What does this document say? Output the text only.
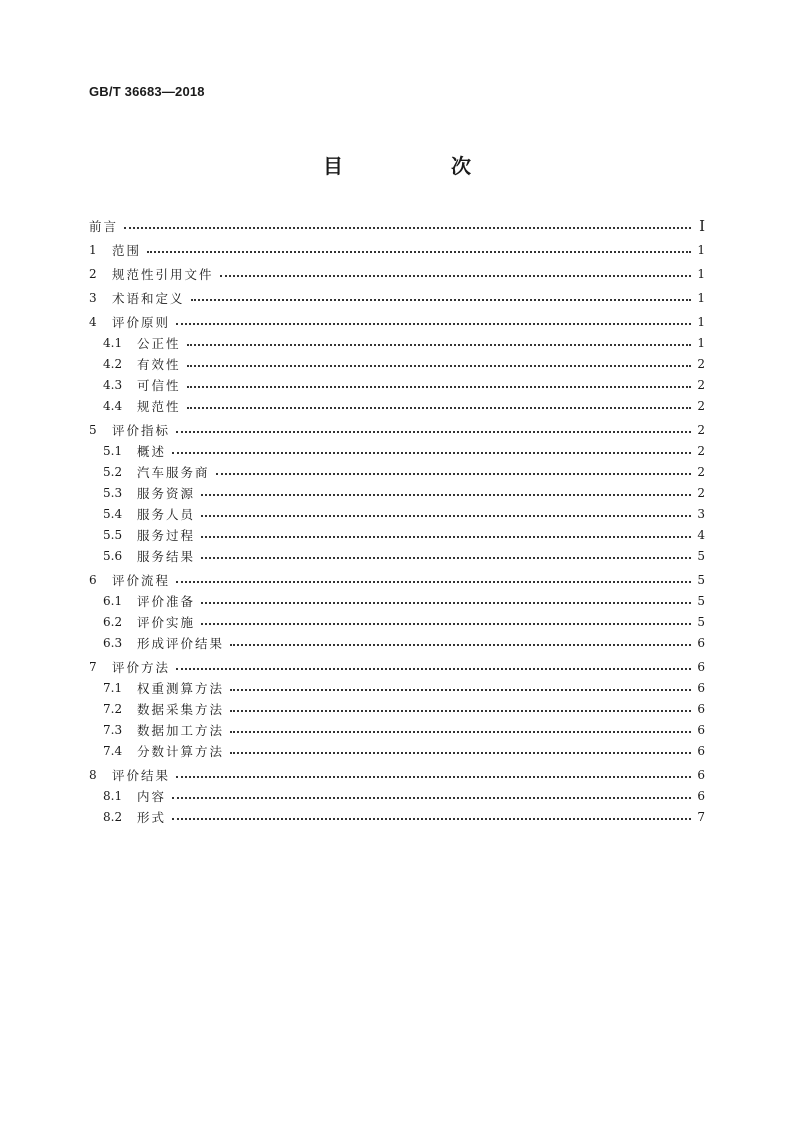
GB/T 36683—2018
目　次
前言	Ⅰ
1	范围	1
2	规范性引用文件	1
3	术语和定义	1
4	评价原则	1
4.1	公正性	1
4.2	有效性	2
4.3	可信性	2
4.4	规范性	2
5	评价指标	2
5.1	概述	2
5.2	汽车服务商	2
5.3	服务资源	2
5.4	服务人员	3
5.5	服务过程	4
5.6	服务结果	5
6	评价流程	5
6.1	评价准备	5
6.2	评价实施	5
6.3	形成评价结果	6
7	评价方法	6
7.1	权重测算方法	6
7.2	数据采集方法	6
7.3	数据加工方法	6
7.4	分数计算方法	6
8	评价结果	6
8.1	内容	6
8.2	形式	7
